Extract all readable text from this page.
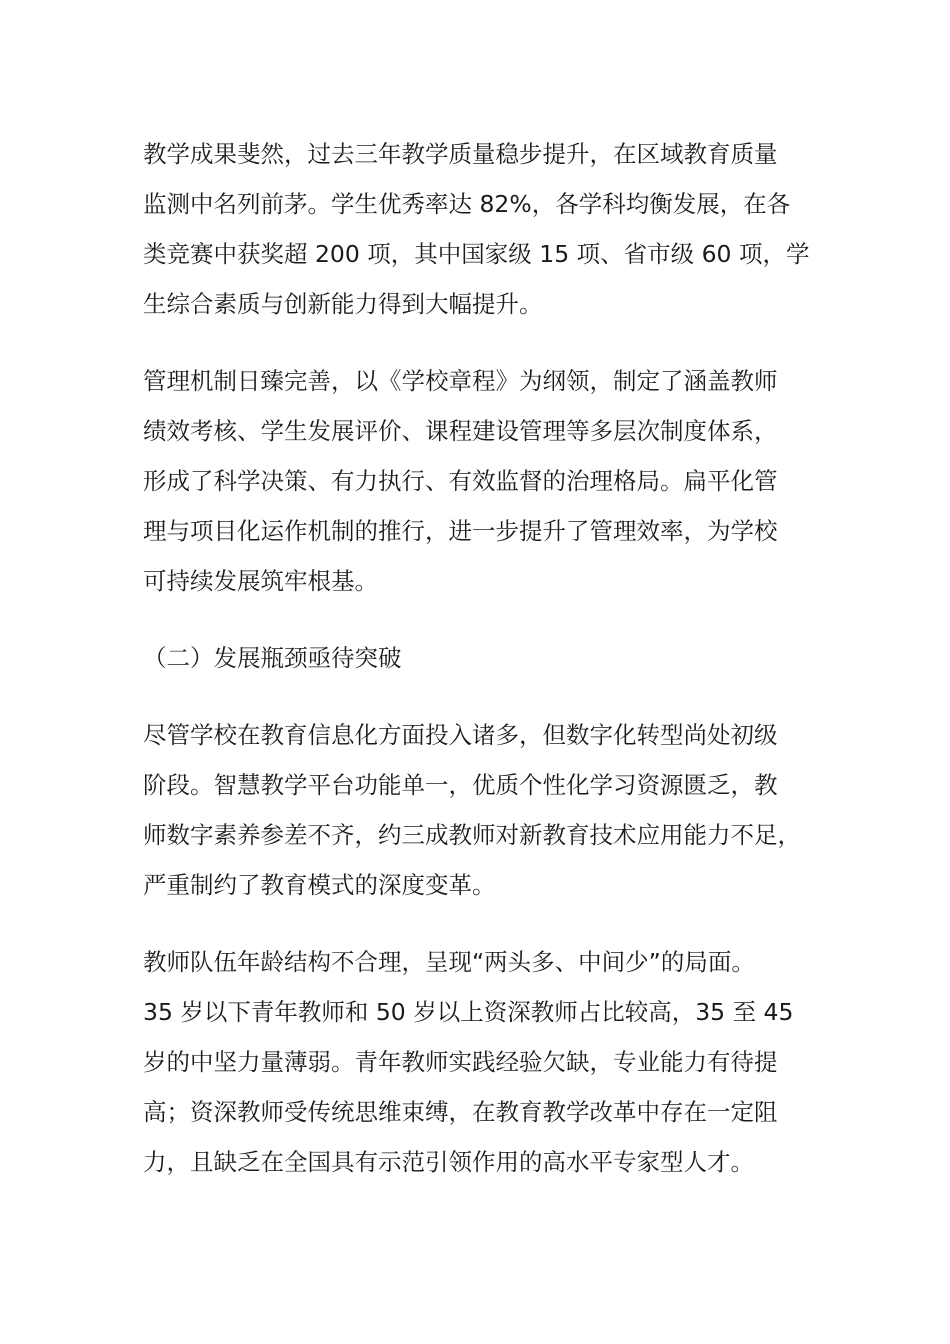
教学成果斐然，过去三年教学质量稳步提升，在区域教育质量
监测中名列前茅。学生优秀率达 82%，各学科均衡发展，在各
类竞赛中获奖超 200 项，其中国家级 15 项、省市级 60 项，学
生综合素质与创新能力得到大幅提升。

管理机制日臻完善，以《学校章程》为纲领，制定了涵盖教师
绩效考核、学生发展评价、课程建设管理等多层次制度体系，
形成了科学决策、有力执行、有效监督的治理格局。扁平化管
理与项目化运作机制的推行，进一步提升了管理效率，为学校
可持续发展筑牢根基。

（二）发展瓶颈亟待突破

尽管学校在教育信息化方面投入诸多，但数字化转型尚处初级
阶段。智慧教学平台功能单一，优质个性化学习资源匮乏，教
师数字素养参差不齐，约三成教师对新教育技术应用能力不足，
严重制约了教育模式的深度变革。

教师队伍年龄结构不合理，呈现“两头多、中间少”的局面。
35 岁以下青年教师和 50 岁以上资深教师占比较高，35 至 45
岁的中坚力量薄弱。青年教师实践经验欠缺，专业能力有待提
高；资深教师受传统思维束缚，在教育教学改革中存在一定阻
力，且缺乏在全国具有示范引领作用的高水平专家型人才。
